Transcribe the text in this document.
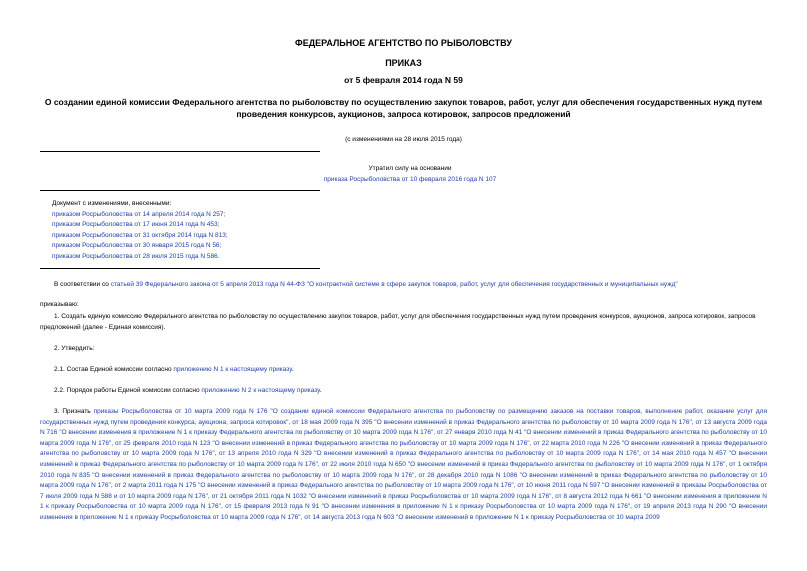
ФЕДЕРАЛЬНОЕ АГЕНТСТВО ПО РЫБОЛОВСТВУ
ПРИКАЗ
от 5 февраля 2014 года N 59
О создании единой комиссии Федерального агентства по рыболовству по осуществлению закупок товаров, работ, услуг для обеспечения государственных нужд путем проведения конкурсов, аукционов, запроса котировок, запросов предложений
(с изменениями на 28 июля 2015 года)
Утратил силу на основании
приказа Росрыболовства от 10 февраля 2016 года N 107
Документ с изменениями, внесенными:
приказом Росрыболовства от 14 апреля 2014 года N 257;
приказом Росрыболовства от 17 июня 2014 года N 453;
приказом Росрыболовства от 31 октября 2014 года N 813;
приказом Росрыболовства от 30 января 2015 года N 56;
приказом Росрыболовства от 28 июля 2015 года N 586.
В соответствии со статьей 39 Федерального закона от 5 апреля 2013 года N 44-ФЗ "О контрактной системе в сфере закупок товаров, работ, услуг для обеспечения государственных и муниципальных нужд"
приказываю:
1. Создать единую комиссию Федерального агентства по рыболовству по осуществлению закупок товаров, работ, услуг для обеспечения государственных нужд путем проведения конкурсов, аукционов, запроса котировок, запросов предложений (далее - Единая комиссия).
2. Утвердить:
2.1. Состав Единой комиссии согласно приложению N 1 к настоящему приказу.
2.2. Порядок работы Единой комиссии согласно приложению N 2 к настоящему приказу.
3. Признать приказы Росрыболовства от 10 марта 2009 года N 176 "О создании единой комиссии Федерального агентства по рыболовству по размещению заказов на поставки товаров, выполнение работ, оказание услуг для государственных нужд путем проведения конкурса, аукциона, запроса котировок", от 18 мая 2009 года N 395 "О внесении изменений в приказ Федерального агентства по рыболовству от 10 марта 2009 года N 176", от 13 августа 2009 года N 716 "О внесении изменения в приложение N 1 к приказу Федерального агентства по рыболовству от 10 марта 2009 года N 176", от 27 января 2010 года N 41 "О внесении изменений в приказ Федерального агентства по рыболовству от 10 марта 2009 года N 176", от 25 февраля 2010 года N 123 "О внесении изменений в приказ Федерального агентства по рыболовству от 10 марта 2009 года N 176", от 22 марта 2010 года N 226 "О внесении изменений в приказ Федерального агентства по рыболовству от 10 марта 2009 года N 176", от 13 апреля 2010 года N 329 "О внесении изменений в приказ Федерального агентства по рыболовству от 10 марта 2009 года N 176", от 14 мая 2010 года N 457 "О внесении изменений в приказ Федерального агентства по рыболовству от 10 марта 2009 года N 176", от 22 июля 2010 года N 650 "О внесении изменений в приказ Федерального агентства по рыболовству от 10 марта 2009 года N 176", от 1 октября 2010 года N 835 "О внесении изменений в приказ Федерального агентства по рыболовству от 10 марта 2009 года N 176", от 28 декабря 2010 года N 1086 "О внесении изменений в приказ Федерального агентства по рыболовству от 10 марта 2009 года N 176", от 2 марта 2011 года N 175 "О внесении изменений в приказ Федерального агентства по рыболовству от 10 марта 2009 года N 176", от 10 июня 2011 года N 597 "О внесении изменений в приказы Росрыболовства от 7 июля 2009 года N 588 и от 10 марта 2009 года N 176", от 21 октября 2011 года N 1032 "О внесении изменений в приказ Росрыболовства от 10 марта 2009 года N 176", от 8 августа 2012 года N 661 "О внесении изменения в приложение N 1 к приказу Росрыболовства от 10 марта 2009 года N 176", от 15 февраля 2013 года N 91 "О внесении изменения в приложение N 1 к приказу Росрыболовства от 10 марта 2009 года N 176", от 19 апреля 2013 года N 290 "О внесении изменения в приложение N 1 к приказу Росрыболовства от 10 марта 2009 года N 176", от 14 августа 2013 года N 603 "О внесении изменений в приложение N 1 к приказу Росрыболовства от 10 марта 2009
